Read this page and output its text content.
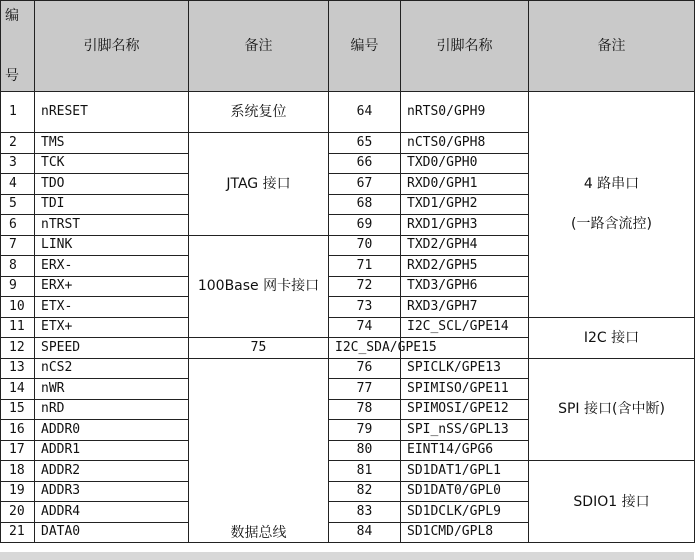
编

号	引脚名称	备注	编号	引脚名称	备注
1	nRESET	系统复位	64	nRTS0/GPH9	4 路串口
(一路含流控)

2	TMS	JTAG 接口	65	nCTS0/GPH8	
3	TCK		66	TXD0/GPH0	
4	TDO		67	RXD0/GPH1	
5	TDI		68	TXD1/GPH2	
6	nTRST		69	RXD1/GPH3	
7	LINK	100Base 网卡接口	70	TXD2/GPH4	
8	ERX-		71	RXD2/GPH5	
9	ERX+		72	TXD3/GPH6	
10	ETX-		73	RXD3/GPH7	
11	ETX+		74	I2C_SCL/GPE14	I2C 接口
12	SPEED	75	I2C_SDA/GPE15		
13	nCS2	数据总线	76	SPICLK/GPE13	SPI 接口(含中断)
14	nWR		77	SPIMISO/GPE11	
15	nRD		78	SPIMOSI/GPE12	
16	ADDR0		79	SPI_nSS/GPL13	
17	ADDR1		80	EINT14/GPG6	
18	ADDR2		81	SD1DAT1/GPL1	SDIO1 接口
19	ADDR3		82	SD1DAT0/GPL0	
20	ADDR4		83	SD1DCLK/GPL9	
21	DATA0		84	SD1CMD/GPL8	
